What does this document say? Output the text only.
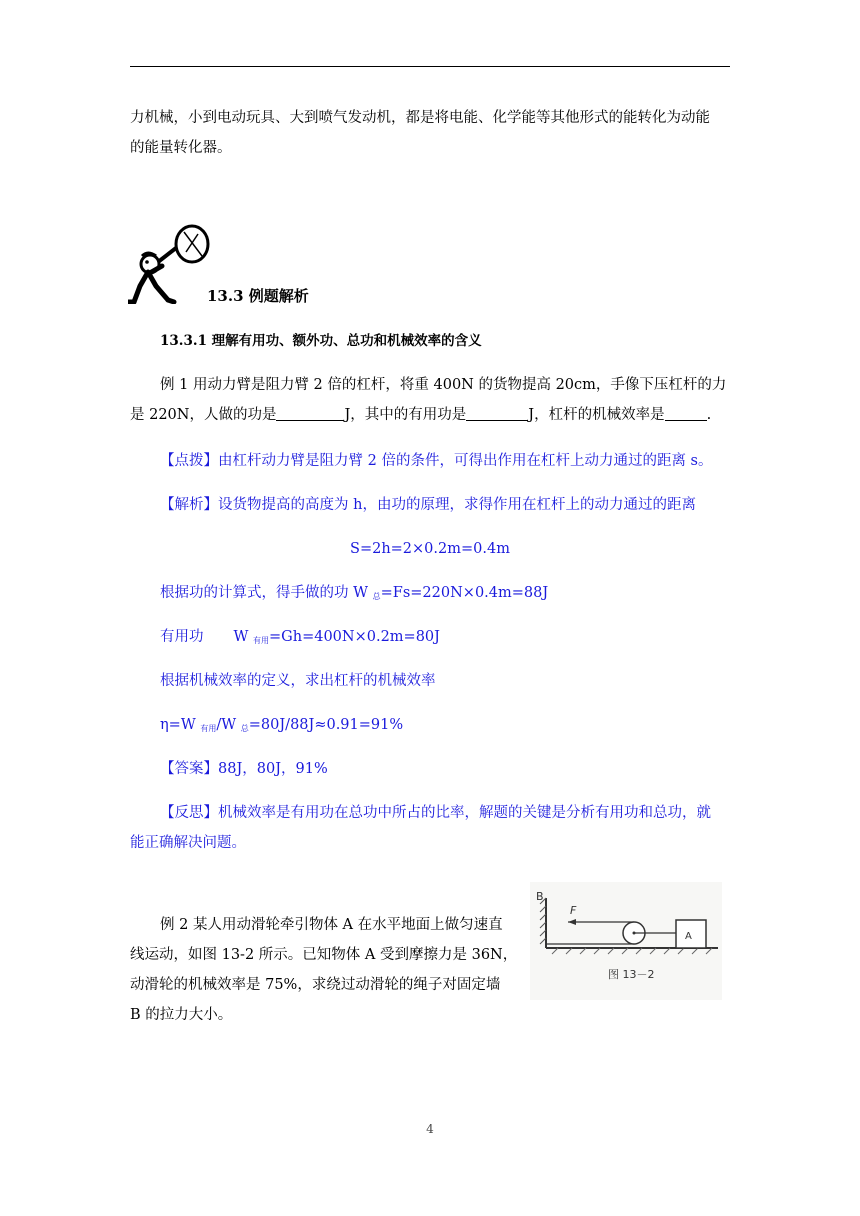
力机械，小到电动玩具、大到喷气发动机，都是将电能、化学能等其他形式的能转化为动能
的能量转化器。
13.3 例题解析
13.3.1 理解有用功、额外功、总功和机械效率的含义
例 1 用动力臂是阻力臂 2 倍的杠杆，将重 400N 的货物提高 20cm，手像下压杠杆的力
是 220N，人做的功是	J，其中的有用功是	J，杠杆的机械效率是	.
【点拨】由杠杆动力臂是阻力臂 2 倍的条件，可得出作用在杠杆上动力通过的距离 s。
【解析】设货物提高的高度为 h，由功的原理，求得作用在杠杆上的动力通过的距离
S=2h=2×0.2m=0.4m
根据功的计算式，得手做的功 W $_总$=Fs=220N×0.4m=88J
有用功 W $_{有用}$=Gh=400N×0.2m=80J
根据机械效率的定义，求出杠杆的机械效率
η=W $_{有用}$/W $_总$=80J/88J≈0.91=91%
【答案】88J，80J，91%
【反思】机械效率是有用功在总功中所占的比率，解题的关键是分析有用功和总功，就
能正确解决问题。
例 2 某人用动滑轮牵引物体 A 在水平地面上做匀速直
线运动，如图 13-2 所示。已知物体 A 受到摩擦力是 36N，
动滑轮的机械效率是 75%，求绕过动滑轮的绳子对固定墙
B 的拉力大小。
B
F
A
图 13－2
4
